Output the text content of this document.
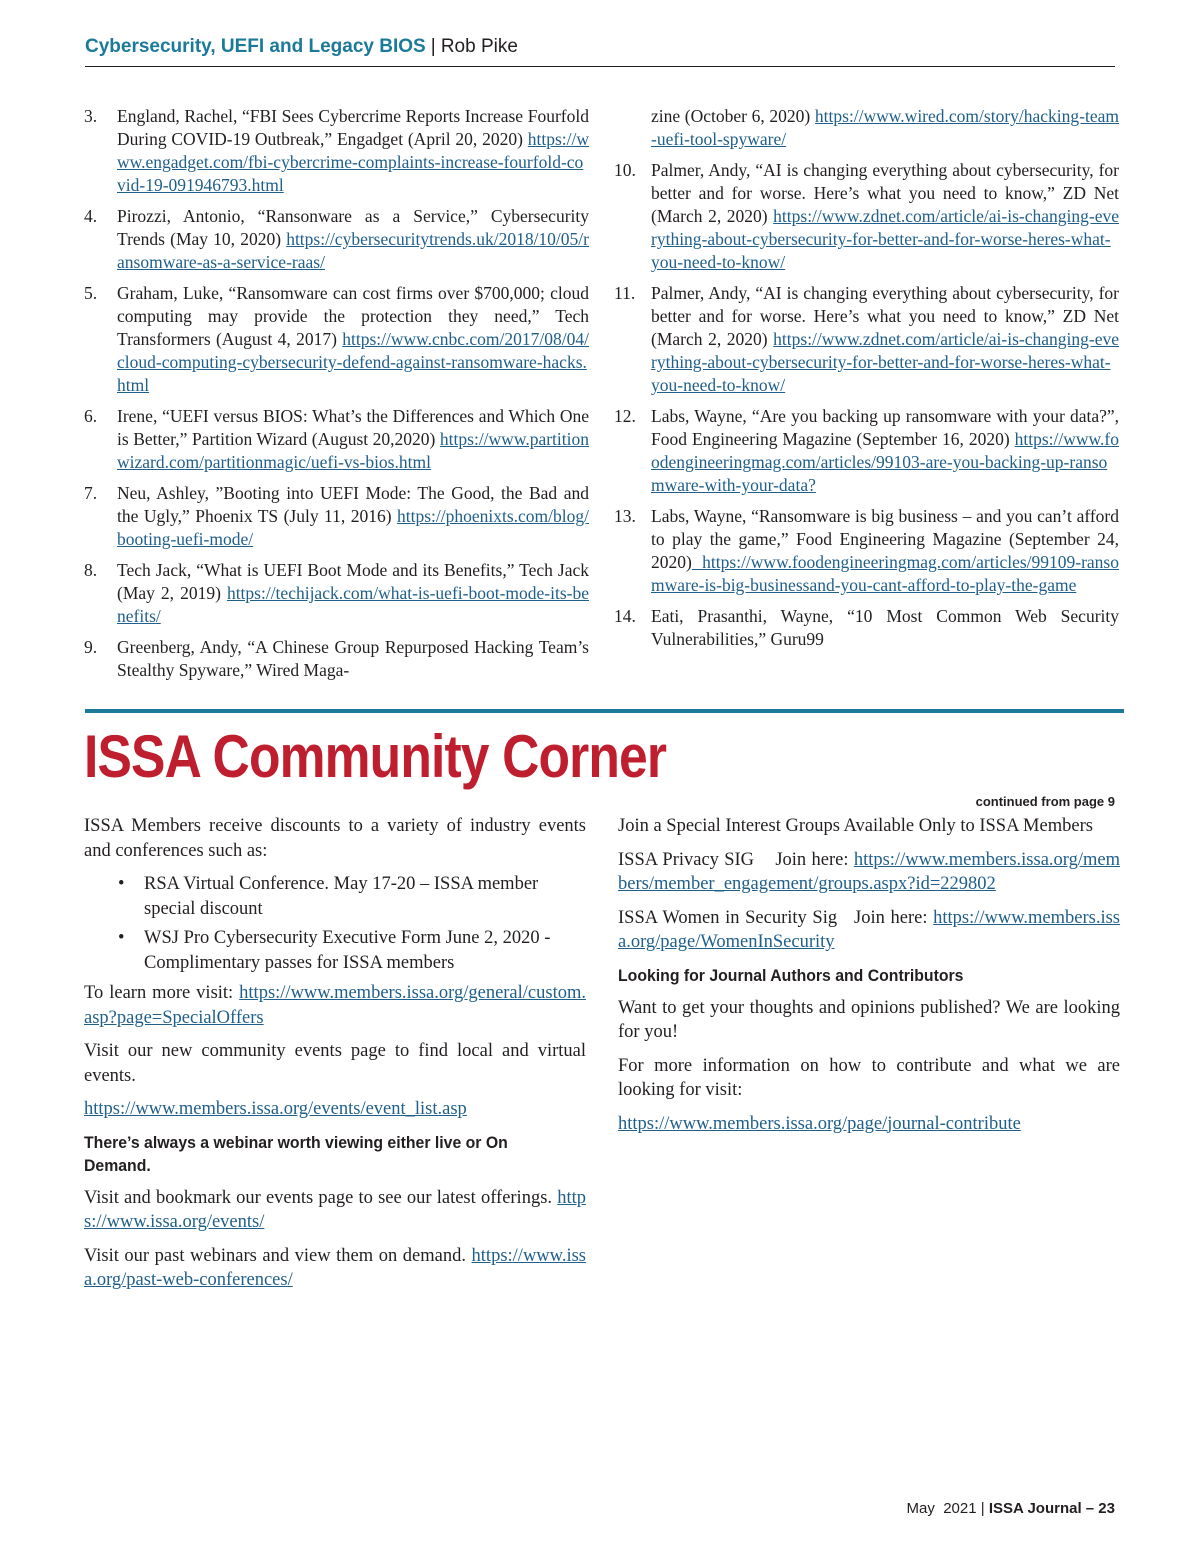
Cybersecurity, UEFI and Legacy BIOS | Rob Pike
3. England, Rachel, “FBI Sees Cybercrime Reports Increase Fourfold During COVID-19 Outbreak,” Engadget (April 20, 2020) https://www.engadget.com/fbi-cybercrime-complaints-increase-fourfold-covid-19-091946793.html
4. Pirozzi, Antonio, “Ransonware as a Service,” Cybersecurity Trends (May 10, 2020) https://cybersecuritytrends.uk/2018/10/05/ransomware-as-a-service-raas/
5. Graham, Luke, “Ransomware can cost firms over $700,000; cloud computing may provide the protection they need,” Tech Transformers (August 4, 2017) https://www.cnbc.com/2017/08/04/cloud-computing-cybersecurity-defend-against-ransomware-hacks.html
6. Irene, “UEFI versus BIOS: What’s the Differences and Which One is Better,” Partition Wizard (August 20,2020) https://www.partitionwizard.com/partitionmagic/uefi-vs-bios.html
7. Neu, Ashley, ”Booting into UEFI Mode: The Good, the Bad and the Ugly,” Phoenix TS (July 11, 2016) https://phoenixts.com/blog/booting-uefi-mode/
8. Tech Jack, “What is UEFI Boot Mode and its Benefits,” Tech Jack (May 2, 2019) https://techijack.com/what-is-uefi-boot-mode-its-benefits/
9. Greenberg, Andy, “A Chinese Group Repurposed Hacking Team’s Stealthy Spyware,” Wired Maga-
zine (October 6, 2020) https://www.wired.com/story/hacking-team-uefi-tool-spyware/
10. Palmer, Andy, “AI is changing everything about cybersecurity, for better and for worse. Here’s what you need to know,” ZD Net (March 2, 2020) https://www.zdnet.com/article/ai-is-changing-everything-about-cybersecurity-for-better-and-for-worse-heres-what-you-need-to-know/
11. Palmer, Andy, “AI is changing everything about cybersecurity, for better and for worse. Here’s what you need to know,” ZD Net (March 2, 2020) https://www.zdnet.com/article/ai-is-changing-everything-about-cybersecurity-for-better-and-for-worse-heres-what-you-need-to-know/
12. Labs, Wayne, “Are you backing up ransomware with your data?”, Food Engineering Magazine (September 16, 2020) https://www.foodengineeringmag.com/articles/99103-are-you-backing-up-ransomware-with-your-data?
13. Labs, Wayne, “Ransomware is big business – and you can’t afford to play the game,” Food Engineering Magazine (September 24, 2020) https://www.foodengineeringmag.com/articles/99109-ransomware-is-big-businessand-you-cant-afford-to-play-the-game
14. Eati, Prasanthi, Wayne, “10 Most Common Web Security Vulnerabilities,” Guru99
ISSA Community Corner
continued from page 9

ISSA Members receive discounts to a variety of industry events and conferences such as:

• RSA Virtual Conference. May 17-20 – ISSA member special discount
• WSJ Pro Cybersecurity Executive Form June 2, 2020 - Complimentary passes for ISSA members

To learn more visit: https://www.members.issa.org/general/custom.asp?page=SpecialOffers

Visit our new community events page to find local and virtual events.

https://www.members.issa.org/events/event_list.asp

There’s always a webinar worth viewing either live or On Demand.

Visit and bookmark our events page to see our latest offerings. https://www.issa.org/events/

Visit our past webinars and view them on demand. https://www.issa.org/past-web-conferences/

Join a Special Interest Groups Available Only to ISSA Members

ISSA Privacy SIG    Join here: https://www.members.issa.org/members/member_engagement/groups.aspx?id=229802

ISSA Women in Security Sig   Join here: https://www.members.issa.org/page/WomenInSecurity

Looking for Journal Authors and Contributors

Want to get your thoughts and opinions published? We are looking for you!

For more information on how to contribute and what we are looking for visit:

https://www.members.issa.org/page/journal-contribute

May  2021 | ISSA Journal – 23
